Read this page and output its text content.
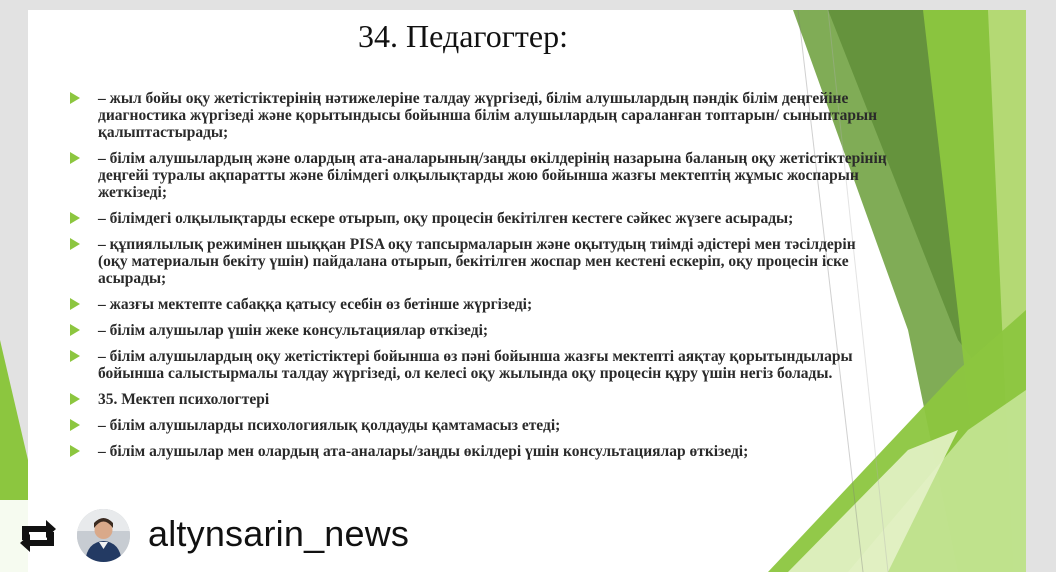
34. Педагогтер:
– жыл бойы оқу жетістіктерінің нәтижелеріне талдау жүргізеді, білім алушылардың пәндік білім деңгейіне диагностика жүргізеді және қорытындысы бойынша білім алушылардың сараланған топтарын/ сыныптарын қалыптастырады;
– білім алушылардың және олардың ата-аналарының/заңды өкілдерінің назарына баланың оқу жетістіктерінің деңгейі туралы ақпаратты және білімдегі олқылықтарды жою бойынша жазғы мектептің жұмыс жоспарын жеткізеді;
– білімдегі олқылықтарды ескере отырып, оқу процесін бекітілген кестеге сәйкес жүзеге асырады;
– құпиялылық режимінен шыққан PISA оқу тапсырмаларын және оқытудың тиімді әдістері мен тәсілдерін (оқу материалын бекіту үшін) пайдалана отырып, бекітілген жоспар мен кестені ескеріп, оқу процесін іске асырады;
– жазғы мектепте сабаққа қатысу есебін өз бетінше жүргізеді;
– білім алушылар үшін жеке консультациялар өткізеді;
– білім алушылардың оқу жетістіктері бойынша өз пәні бойынша жазғы мектепті аяқтау қорытындылары бойынша салыстырмалы талдау жүргізеді, ол келесі оқу жылында оқу процесін құру үшін негіз болады.
35. Мектеп психологтері
– білім алушыларды психологиялық қолдауды қамтамасыз етеді;
– білім алушылар мен олардың ата-аналары/заңды өкілдері үшін консультациялар өткізеді;
altynsarin_news
